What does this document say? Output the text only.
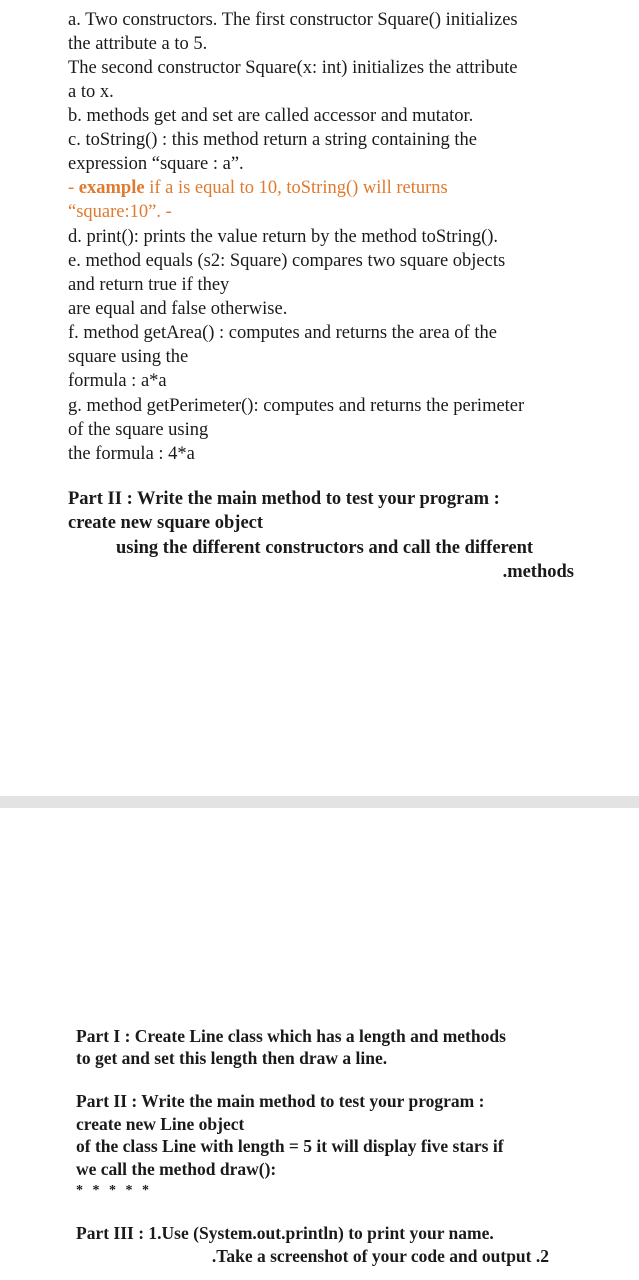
a. Two constructors. The first constructor Square() initializes
the attribute a to 5.
The second constructor Square(x: int) initializes the attribute
a to x.
b. methods get and set are called accessor and mutator.
c. toString() : this method return a string containing the
expression “square : a”.
- example if a is equal to 10, toString() will returns
“square:10”. -
d. print(): prints the value return by the method toString().
e. method equals (s2: Square) compares two square objects
and return true if they
are equal and false otherwise.
f. method getArea() : computes and returns the area of the
square using the
formula : a*a
g. method getPerimeter(): computes and returns the perimeter
of the square using
the formula : 4*a
Part II : Write the main method to test your program :
create new square object
using the different constructors and call the different
.methods
Part I : Create Line class which has a length and methods
to get and set this length then draw a line.
Part II : Write the main method to test your program :
create new Line object
of the class Line with length = 5 it will display five stars if
we call the method draw():
* * * * *
Part III : 1.Use (System.out.println) to print your name.
.Take a screenshot of your code and output .2
